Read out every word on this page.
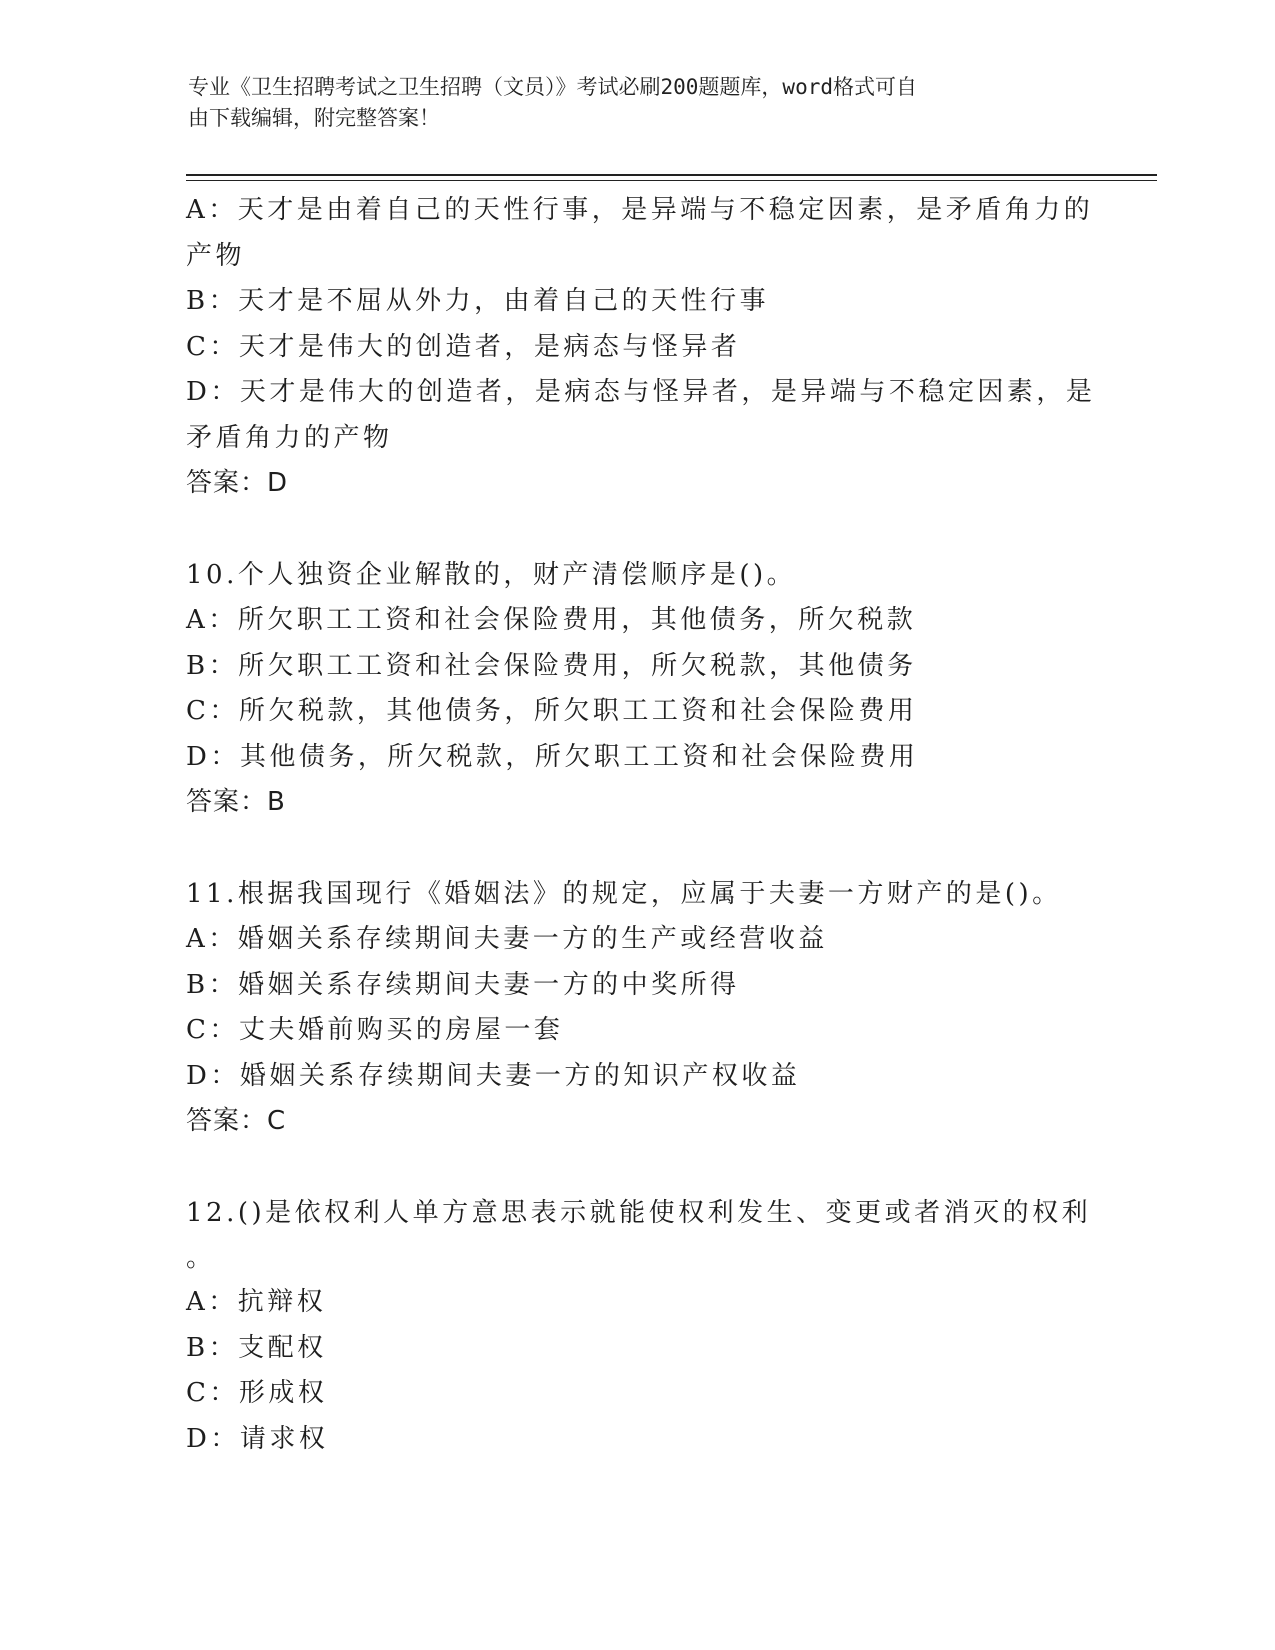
专业《卫生招聘考试之卫生招聘（文员）》考试必刷200题题库，word格式可自
由下载编辑，附完整答案！
A：天才是由着自己的天性行事，是异端与不稳定因素，是矛盾角力的
产物
B：天才是不屈从外力，由着自己的天性行事
C：天才是伟大的创造者，是病态与怪异者
D：天才是伟大的创造者，是病态与怪异者，是异端与不稳定因素，是
矛盾角力的产物
答案：D
10.个人独资企业解散的，财产清偿顺序是()。
A：所欠职工工资和社会保险费用，其他债务，所欠税款
B：所欠职工工资和社会保险费用，所欠税款，其他债务
C：所欠税款，其他债务，所欠职工工资和社会保险费用
D：其他债务，所欠税款，所欠职工工资和社会保险费用
答案：B
11.根据我国现行《婚姻法》的规定，应属于夫妻一方财产的是()。
A：婚姻关系存续期间夫妻一方的生产或经营收益
B：婚姻关系存续期间夫妻一方的中奖所得
C：丈夫婚前购买的房屋一套
D：婚姻关系存续期间夫妻一方的知识产权收益
答案：C
12.()是依权利人单方意思表示就能使权利发生、变更或者消灭的权利
。
A：抗辩权
B：支配权
C：形成权
D：请求权
